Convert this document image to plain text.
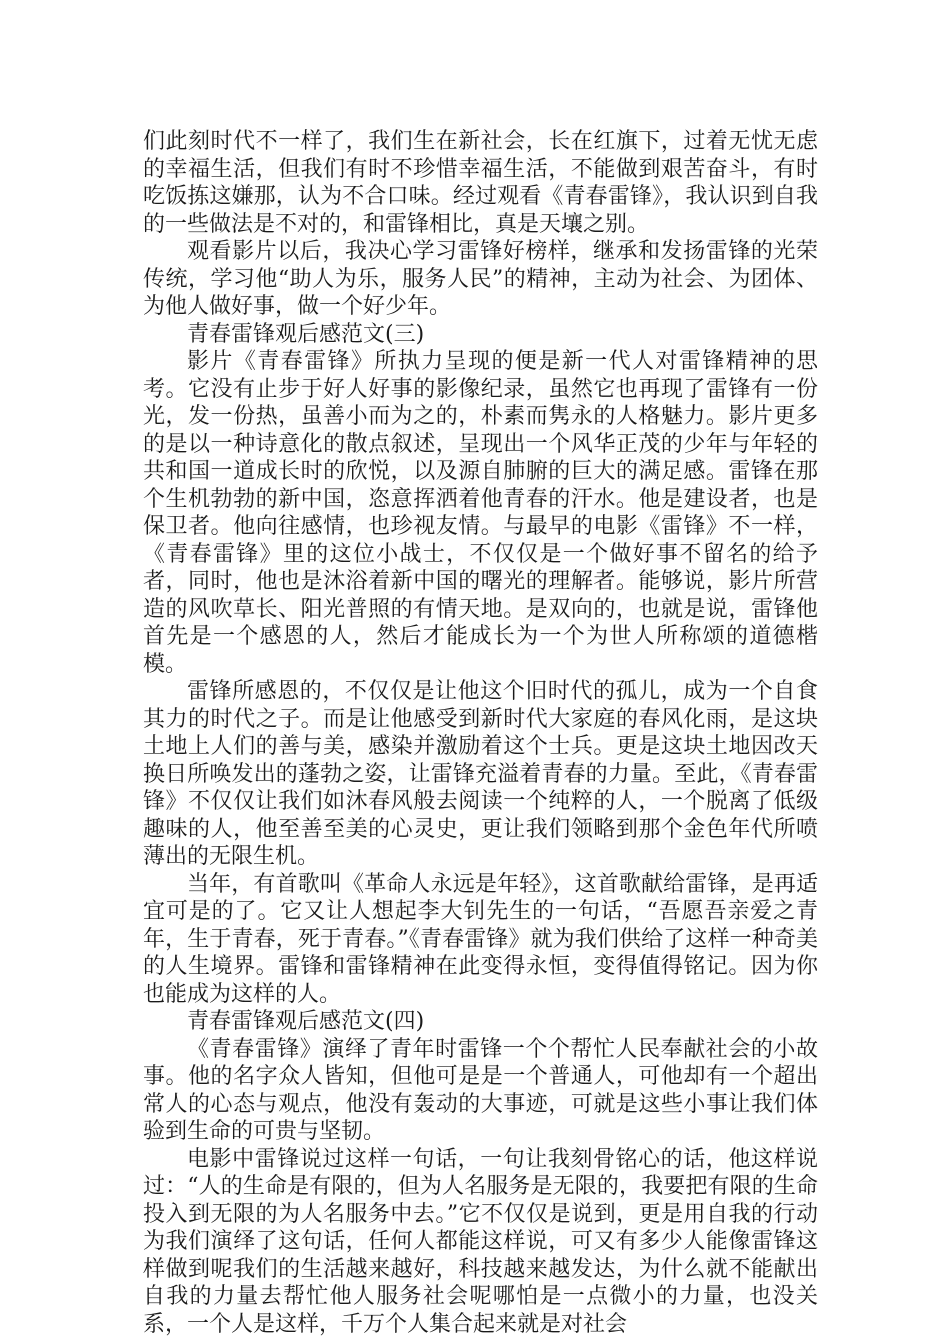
们此刻时代不一样了，我们生在新社会，长在红旗下，过着无忧无虑的幸福生活，但我们有时不珍惜幸福生活，不能做到艰苦奋斗，有时吃饭拣这嫌那，认为不合口味。经过观看《青春雷锋》，我认识到自我的一些做法是不对的，和雷锋相比，真是天壤之别。

观看影片以后，我决心学习雷锋好榜样，继承和发扬雷锋的光荣传统，学习他“助人为乐，服务人民”的精神，主动为社会、为团体、为他人做好事，做一个好少年。

青春雷锋观后感范文(三)

影片《青春雷锋》所执力呈现的便是新一代人对雷锋精神的思考。它没有止步于好人好事的影像纪录，虽然它也再现了雷锋有一份光，发一份热，虽善小而为之的，朴素而隽永的人格魅力。影片更多的是以一种诗意化的散点叙述，呈现出一个风华正茂的少年与年轻的共和国一道成长时的欣悦，以及源自肺腑的巨大的满足感。雷锋在那个生机勃勃的新中国，恣意挥洒着他青春的汗水。他是建设者，也是保卫者。他向往感情，也珍视友情。与最早的电影《雷锋》不一样，《青春雷锋》里的这位小战士，不仅仅是一个做好事不留名的给予者，同时，他也是沐浴着新中国的曙光的理解者。能够说，影片所营造的风吹草长、阳光普照的有情天地。是双向的，也就是说，雷锋他首先是一个感恩的人，然后才能成长为一个为世人所称颂的道德楷模。

雷锋所感恩的，不仅仅是让他这个旧时代的孤儿，成为一个自食其力的时代之子。而是让他感受到新时代大家庭的春风化雨，是这块土地上人们的善与美，感染并激励着这个士兵。更是这块土地因改天换日所唤发出的蓬勃之姿，让雷锋充溢着青春的力量。至此，《青春雷锋》不仅仅让我们如沐春风般去阅读一个纯粹的人，一个脱离了低级趣味的人，他至善至美的心灵史，更让我们领略到那个金色年代所喷薄出的无限生机。

当年，有首歌叫《革命人永远是年轻》，这首歌献给雷锋，是再适宜可是的了。它又让人想起李大钊先生的一句话，“吾愿吾亲爱之青年，生于青春，死于青春。”《青春雷锋》就为我们供给了这样一种奇美的人生境界。雷锋和雷锋精神在此变得永恒，变得值得铭记。因为你也能成为这样的人。

青春雷锋观后感范文(四)

《青春雷锋》演绎了青年时雷锋一个个帮忙人民奉献社会的小故事。他的名字众人皆知，但他可是是一个普通人，可他却有一个超出常人的心态与观点，他没有轰动的大事迹，可就是这些小事让我们体验到生命的可贵与坚韧。

电影中雷锋说过这样一句话，一句让我刻骨铭心的话，他这样说过：“人的生命是有限的，但为人名服务是无限的，我要把有限的生命投入到无限的为人名服务中去。”它不仅仅是说到，更是用自我的行动为我们演绎了这句话，任何人都能这样说，可又有多少人能像雷锋这样做到呢我们的生活越来越好，科技越来越发达，为什么就不能献出自我的力量去帮忙他人服务社会呢哪怕是一点微小的力量，也没关系，一个人是这样，千万个人集合起来就是对社会
